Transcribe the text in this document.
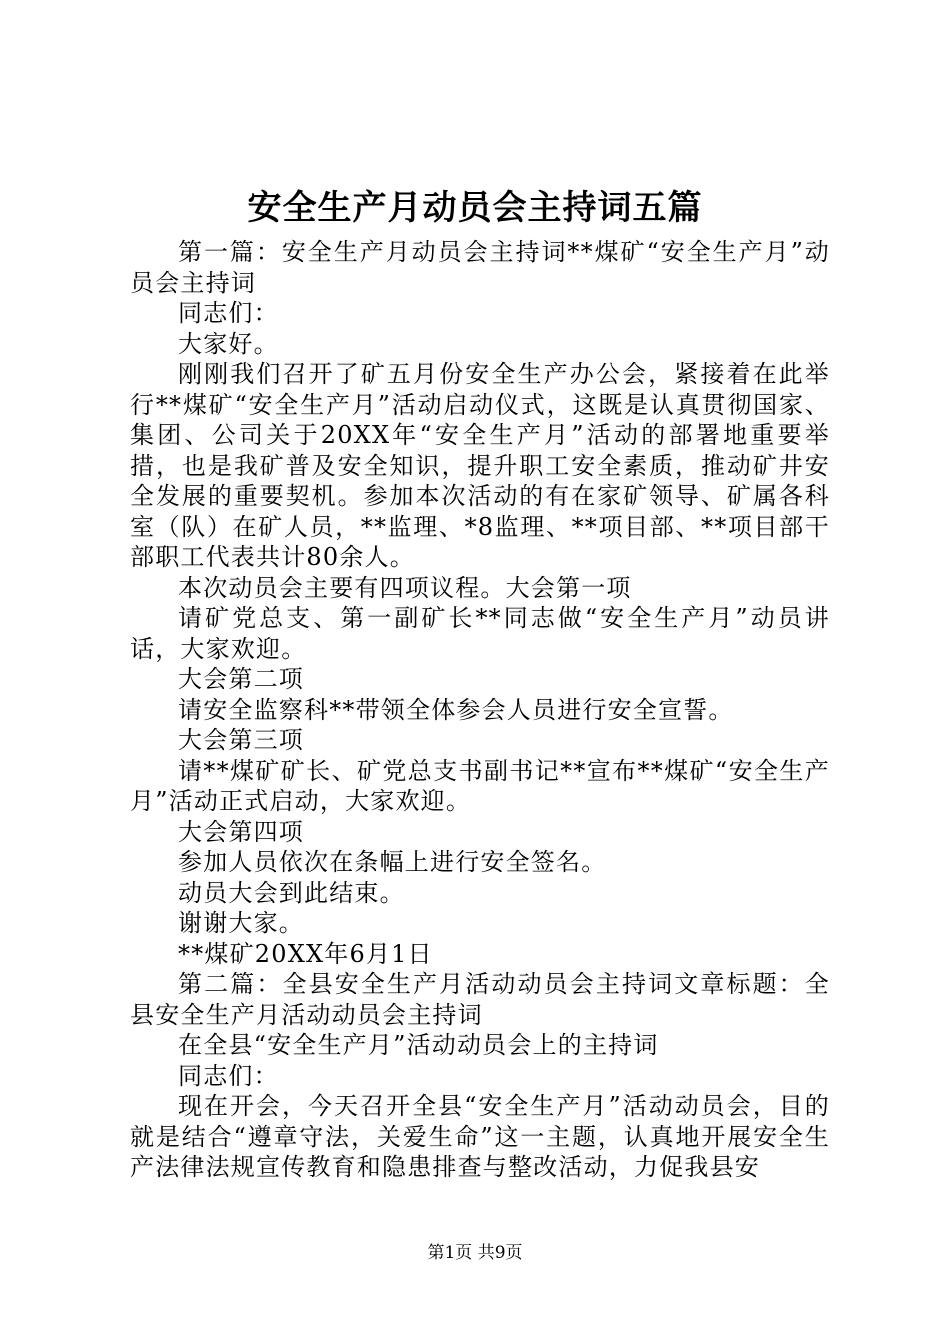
安全生产月动员会主持词五篇

第一篇：安全生产月动员会主持词**煤矿“安全生产月”动员会主持词

同志们：

大家好。

刚刚我们召开了矿五月份安全生产办公会，紧接着在此举行**煤矿“安全生产月”活动启动仪式，这既是认真贯彻国家、集团、公司关于20XX年“安全生产月”活动的部署地重要举措，也是我矿普及安全知识，提升职工安全素质，推动矿井安全发展的重要契机。参加本次活动的有在家矿领导、矿属各科室（队）在矿人员，**监理、*8监理、**项目部、**项目部干部职工代表共计80余人。

本次动员会主要有四项议程。大会第一项

请矿党总支、第一副矿长**同志做“安全生产月”动员讲话，大家欢迎。

大会第二项

请安全监察科**带领全体参会人员进行安全宣誓。

大会第三项

请**煤矿矿长、矿党总支书副书记**宣布**煤矿“安全生产月”活动正式启动，大家欢迎。

大会第四项

参加人员依次在条幅上进行安全签名。

动员大会到此结束。

谢谢大家。

**煤矿20XX年6月1日

第二篇：全县安全生产月活动动员会主持词文章标题：全县安全生产月活动动员会主持词

在全县“安全生产月”活动动员会上的主持词

同志们：

现在开会，今天召开全县“安全生产月”活动动员会，目的就是结合“遵章守法，关爱生命”这一主题，认真地开展安全生产法律法规宣传教育和隐患排查与整改活动，力促我县安

第1页 共9页
